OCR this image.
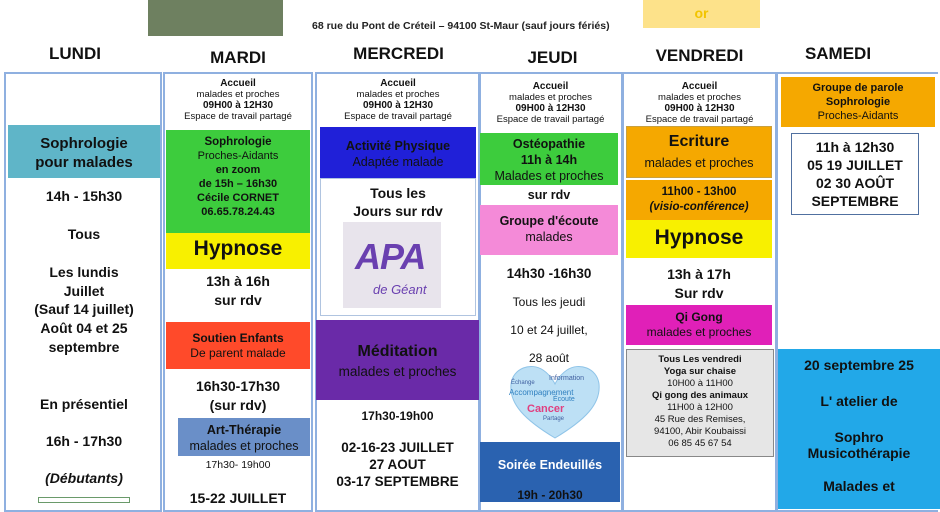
68 rue du Pont de Créteil – 94100 St-Maur (sauf jours fériés)
or
LUNDI	MARDI	MERCREDI	JEUDI	VENDREDI	SAMEDI
Sophrologie pour malades
14h - 15h30
Tous
Les lundis
Juillet
(Sauf 14 juillet)
Août 04 et 25
septembre
En présentiel
16h - 17h30
(Débutants)
Accueil
malades et proches
09H00 à 12H30
Espace de travail partagé
Sophrologie
Proches-Aidants
en zoom
de 15h – 16h30
Cécile CORNET
06.65.78.24.43
Hypnose
13h à 16h
sur rdv
Soutien Enfants
De parent malade
16h30-17h30
(sur rdv)
Art-Thérapie
malades et proches
17h30- 19h00
15-22 JUILLET
Accueil
malades et proches
09H00 à 12H30
Espace de travail partagé
Activité Physique
Adaptée malade
Tous les
Jours sur rdv
APA
de Géant
Méditation
malades et proches
17h30-19h00
02-16-23 JUILLET
27 AOUT
03-17 SEPTEMBRE
Accueil
malades et proches
09H00 à 12H30
Espace de travail partagé
Ostéopathie
11h à 14h
Malades et proches
sur rdv
Groupe d'écoute
malades
14h30 -16h30
Tous les jeudi
10 et 24 juillet,
28 août
Échange
Information
Accompagnement
Écoute
Cancer
Partage
Soirée Endeuillés
19h - 20h30
Accueil
malades et proches
09H00 à 12H30
Espace de travail partagé
Ecriture
malades et proches
11h00 - 13h00
(visio-conférence)
Hypnose
13h à 17h
Sur rdv
Qi Gong
malades et proches
Tous Les vendredi
Yoga sur chaise
10H00 à 11H00
Qi gong des animaux
11H00 à 12H00
45 Rue des Remises,
94100, Abir Koubaissi
06 85 45 67 54
Groupe de parole
Sophrologie
Proches-Aidants
11h à 12h30
05 19 JUILLET
02 30 AOÛT
SEPTEMBRE
20 septembre 25
L' atelier de
Sophro
Musicothérapie
Malades et
